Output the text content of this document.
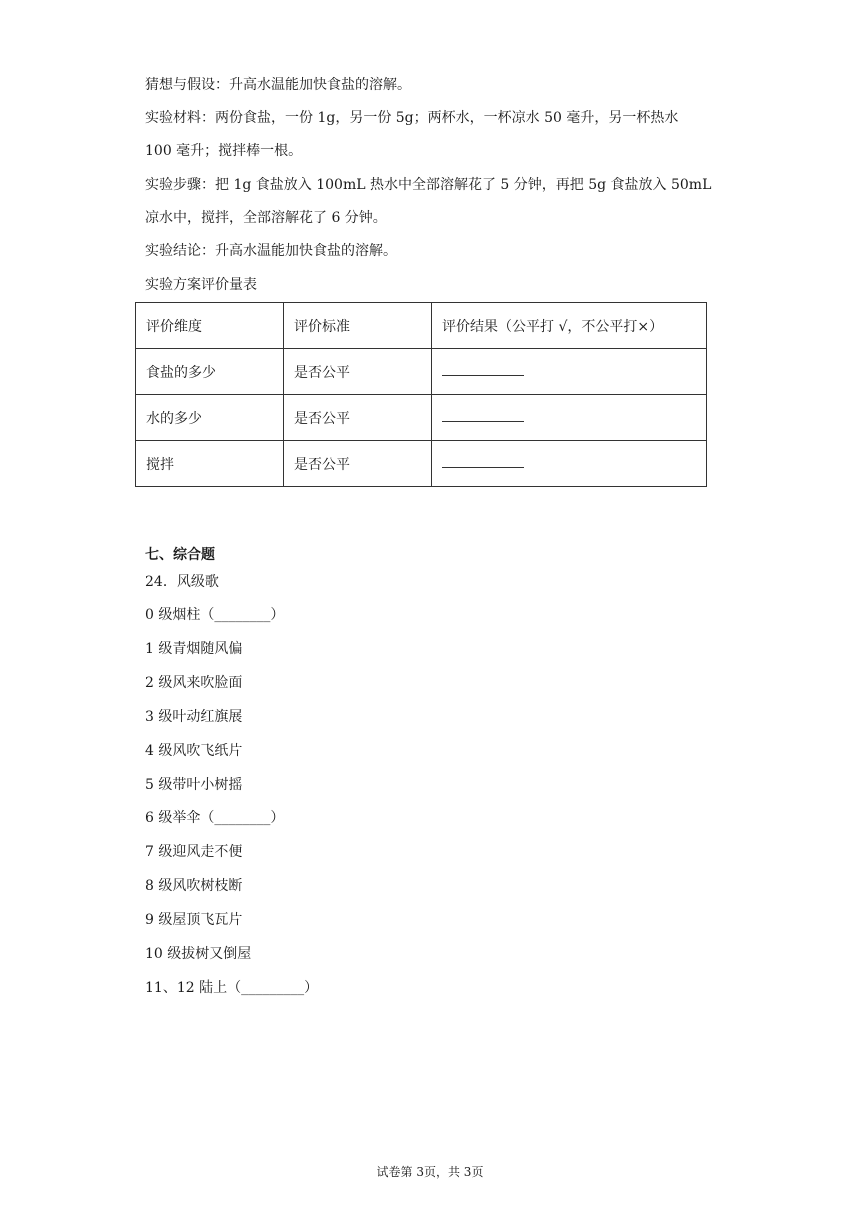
猜想与假设：升高水温能加快食盐的溶解。
实验材料：两份食盐，一份 1g，另一份 5g；两杯水，一杯凉水 50 毫升，另一杯热水
100 毫升；搅拌棒一根。
实验步骤：把 1g 食盐放入 100mL 热水中全部溶解花了 5 分钟，再把 5g 食盐放入 50mL
凉水中，搅拌，全部溶解花了 6 分钟。
实验结论：升高水温能加快食盐的溶解。
实验方案评价量表
评价维度	评价标准	评价结果（公平打 √，不公平打×）
食盐的多少	是否公平	
水的多少	是否公平	
搅拌	是否公平	
七、综合题
24．风级歌
0 级烟柱（________）
1 级青烟随风偏
2 级风来吹脸面
3 级叶动红旗展
4 级风吹飞纸片
5 级带叶小树摇
6 级举伞（________）
7 级迎风走不便
8 级风吹树枝断
9 级屋顶飞瓦片
10 级拔树又倒屋
11、12 陆上（_________）
试卷第 3页，共 3页
